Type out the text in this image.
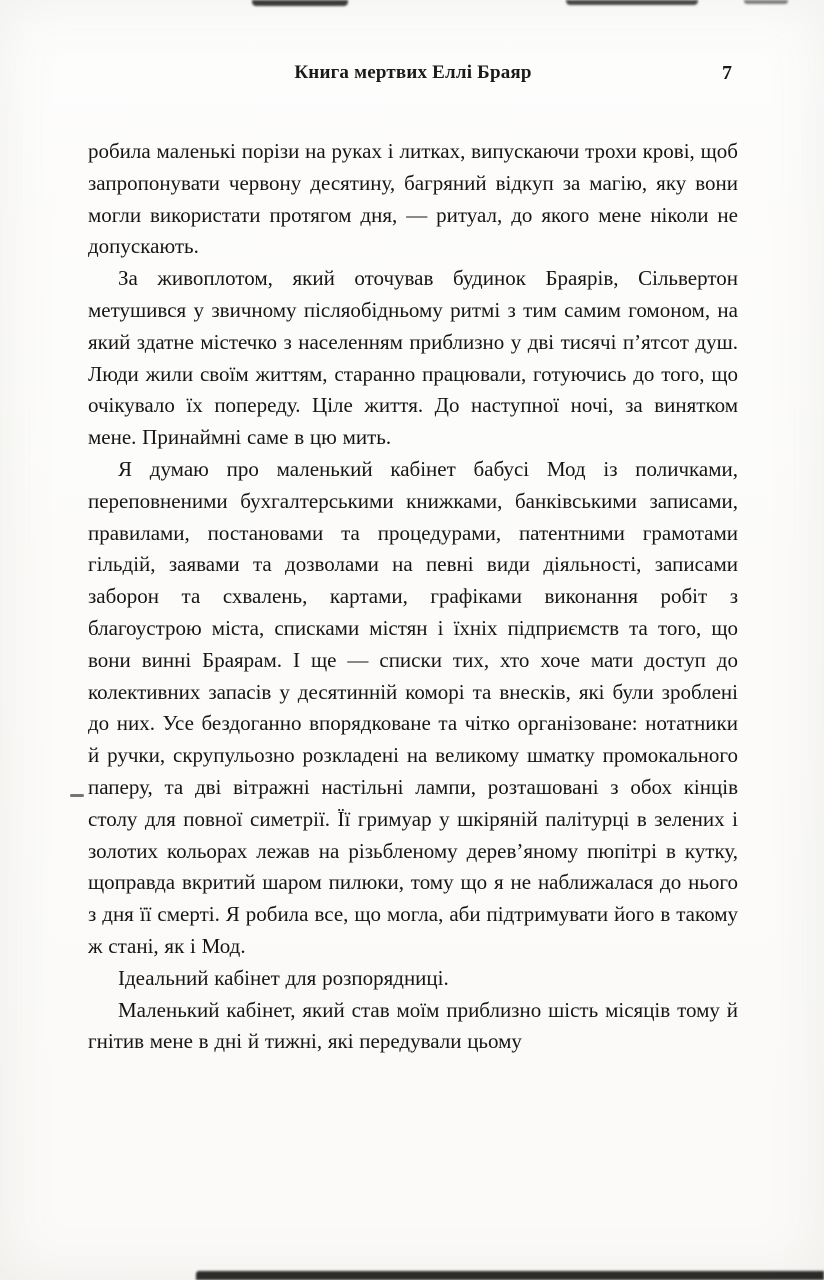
Книга мертвих Еллі Браяр	7

робила маленькі порізи на руках і литках, випускаючи трохи крові, щоб запропонувати червону десятину, багряний відкуп за магію, яку вони могли використати протягом дня, — ритуал, до якого мене ніколи не допускають.

За живоплотом, який оточував будинок Браярів, Сільвертон метушився у звичному післяобідньому ритмі з тим самим гомоном, на який здатне містечко з населенням приблизно у дві тисячі п’ятсот душ. Люди жили своїм життям, старанно працювали, готуючись до того, що очікувало їх попереду. Ціле життя. До наступної ночі, за винятком мене. Принаймні саме в цю мить.

Я думаю про маленький кабінет бабусі Мод із поличками, переповненими бухгалтерськими книжками, банківськими записами, правилами, постановами та процедурами, патентними грамотами гільдій, заявами та дозволами на певні види діяльності, записами заборон та схвалень, картами, графіками виконання робіт з благоустрою міста, списками містян і їхніх підприємств та того, що вони винні Браярам. І ще — списки тих, хто хоче мати доступ до колективних запасів у десятинній коморі та внесків, які були зроблені до них. Усе бездоганно впорядковане та чітко організоване: нотатники й ручки, скрупульозно розкладені на великому шматку промокального паперу, та дві вітражні настільні лампи, розташовані з обох кінців столу для повної симетрії. Її гримуар у шкіряній палітурці в зелених і золотих кольорах лежав на різьбленому дерев’яному пюпітрі в кутку, щоправда вкритий шаром пилюки, тому що я не наближалася до нього з дня її смерті. Я робила все, що могла, аби підтримувати його в такому ж стані, як і Мод.

Ідеальний кабінет для розпорядниці.

Маленький кабінет, який став моїм приблизно шість місяців тому й гнітив мене в дні й тижні, які передували цьому
